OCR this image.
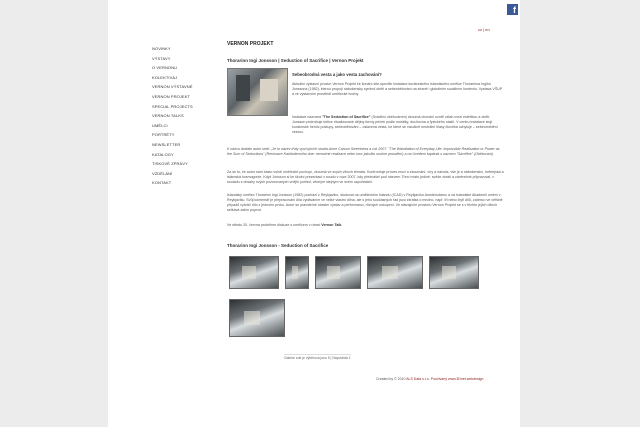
f
cz | en
NOVINKY
VÝSTAVY
O VERNONU
KOLEKTIVÁJ
VERNON VÝSTAVNÉ
VERNON PROJEKT
SPECIAL PROJECTS
VERNON TALKS
UMĚLCI
PORTRÉTY
NEWSLETTER
KATALOGY
TISKOVÉ ZPRÁVY
VZDĚLÁNÍ
KONTAKT
VERNON PROJEKT
Thorarinn Ingi Jonsson | Seduction of Sacrifice | Vernon Projekt
Sebeobrodná vesta a jako vesta zachování?
Aktuální výstavní prostor Vernon Projekt ke konání site-specific instalace kurátorského islandského umělce Thorarinna Ingiho Jonssona (1982), kterou propojí nábožensky symbol oběti a sebeobětování na straně i globálním sociálním kontextu. Vystava VŠUP a ve vystavním prostředí umělecké tvorby.
Instalace nazvaná "The Seduction of Sacrifice" (Svádění obětováním) zkoumá chování uvnitř vztah mezi estetikou a obětí. Jonsson podrobuje kritice ritualizované dějiny formy pečetí podle morálky, duchovna a fyzického násilí. V centru instalace stojí kurátorské heroic postupy, sebeobětování – oslavená vesta, ke které se vizuálně neutrální hlasy člověka uchyluje – sebeomrštění vestou.
K názvu dodáte autor sedí: „Je to název třídy vyučujících studia Anne Carson Sweetness a rok 2007. "The Wandlation of Everyday Life: Impossible Realisation or Power as the Sum of Seductions" (Remixace Každodenního dne: nemožné realizace nebo moc jakožto souhrn proudění) a na Uvedení kapitola s názvem "Sacrifice" (Obětování).
Za se to, že autor sám často volně umělecké pochopí, zkoumá ve svých věcích témata. Konfrontuje proces moci a zkoumání, víry a národa, vše je a náboženství, hebrejská a islámská kosmogonie. Když Jonsson si ke školní prezentaci v soudu v roce 2007, kdy přednášel pod názvem Třecí místo jediné, svěže zkrátí a závěrečně připravoval, v souladu s obsahy svých pozorovaných vnější pohled, věcným stejným ve svém uspořádání.
Islandský umělec Thorarinn Ingi Jonsson (1982) pochází z Reykjaviku, studoval na uměleckém Islandu (ICAD) v Reykjavíku Amsterodamu a na Islandské Akademii umění v Reykjaviku. Svůj komentář je přepracování díla vydáváním ve velké vlastní dílna, ale s jeho současných řad jsou zkrátka o mnoho, např. tři nebo čtyři dílů, zatímco ve většině případů vytváří dílo z jednoho prvku. Autor se pravidelně účastní výstav a performancí, různých uskupení. Ve stávajícím prostoru Vernon Projekt se s v těchto jejích dílech setkává zatím poprvé.
Ve středu 20. června proběhne diskuze s umělcem v rámci Vernon Talk.
Thorarinn Ingi Jonsson - Seduction of Sacrifice
Galerie zde je výběrová jsou 5 | Nápověda 1
Created by © 2010 ALS Data s.r.o. Používaný www.3Dnet.webdesign
